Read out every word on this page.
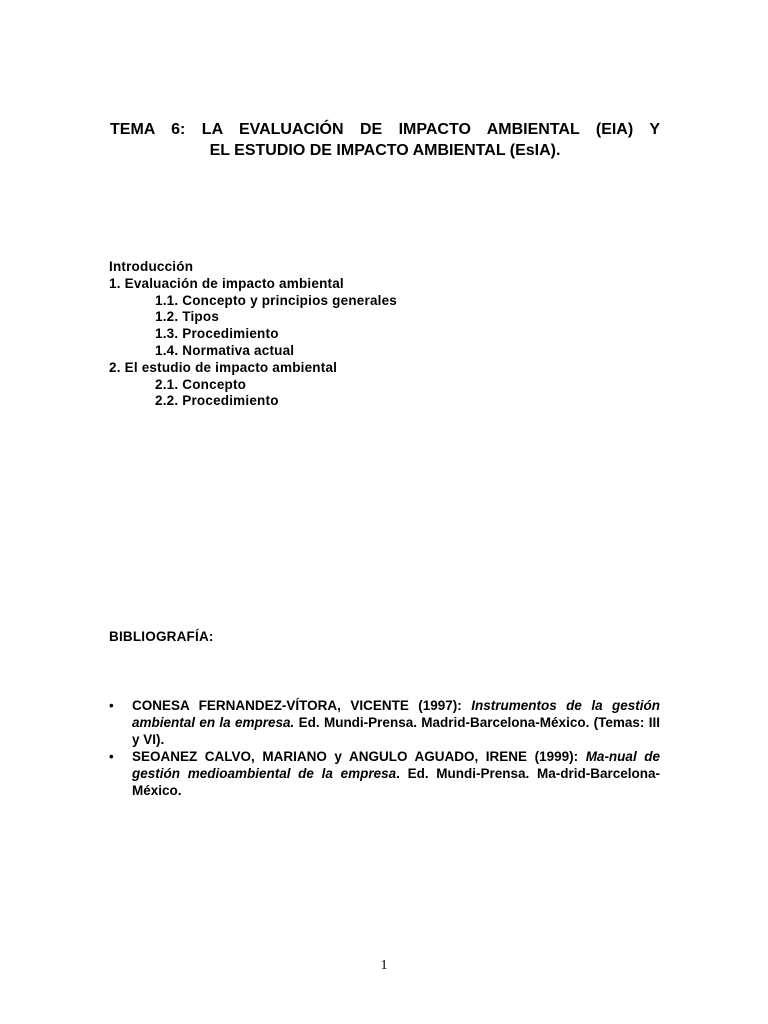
TEMA 6: LA EVALUACIÓN DE IMPACTO AMBIENTAL (EIA) Y
EL ESTUDIO DE IMPACTO AMBIENTAL (EsIA).
Introducción
1. Evaluación de impacto ambiental
1.1. Concepto y principios generales
1.2. Tipos
1.3. Procedimiento
1.4. Normativa actual
2. El estudio de impacto ambiental
2.1. Concepto
2.2. Procedimiento
BIBLIOGRAFÍA:
• CONESA FERNANDEZ-VÍTORA, VICENTE (1997): Instrumentos de la gestión ambiental en la empresa. Ed. Mundi-Prensa. Madrid-Barcelona-México. (Temas: III y VI).
• SEOANEZ CALVO, MARIANO y ANGULO AGUADO, IRENE (1999): Ma-nual de gestión medioambiental de la empresa. Ed. Mundi-Prensa. Ma-drid-Barcelona-México.
1
